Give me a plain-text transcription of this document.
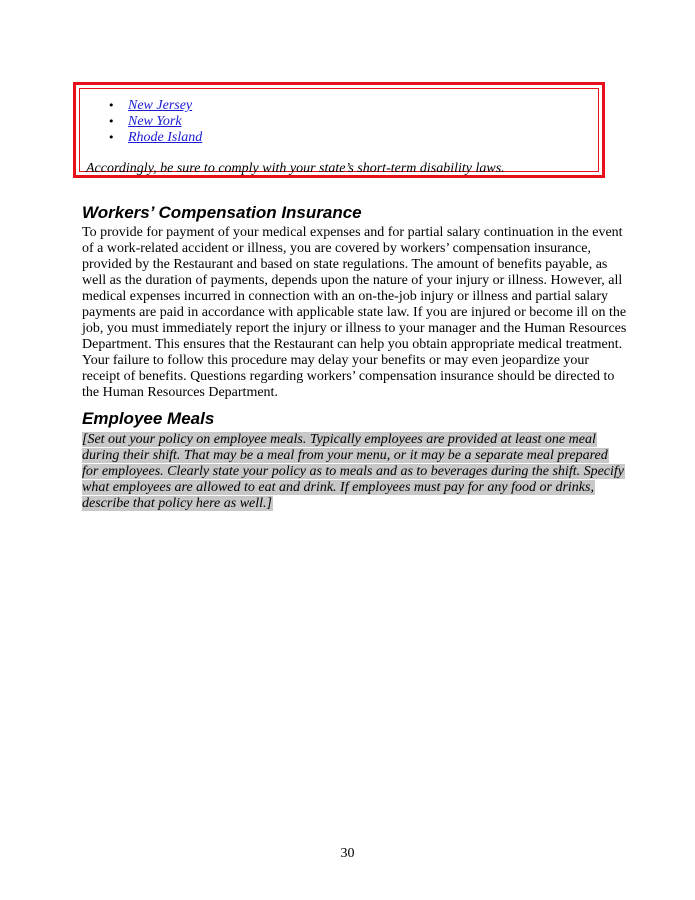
• New Jersey
• New York
• Rhode Island
Accordingly, be sure to comply with your state’s short-term disability laws.
Workers’ Compensation Insurance

To provide for payment of your medical expenses and for partial salary continuation in the event
of a work-related accident or illness, you are covered by workers’ compensation insurance,
provided by the Restaurant and based on state regulations. The amount of benefits payable, as
well as the duration of payments, depends upon the nature of your injury or illness. However, all
medical expenses incurred in connection with an on-the-job injury or illness and partial salary
payments are paid in accordance with applicable state law. If you are injured or become ill on the
job, you must immediately report the injury or illness to your manager and the Human Resources
Department. This ensures that the Restaurant can help you obtain appropriate medical treatment.
Your failure to follow this procedure may delay your benefits or may even jeopardize your
receipt of benefits. Questions regarding workers’ compensation insurance should be directed to
the Human Resources Department.

Employee Meals

[Set out your policy on employee meals. Typically employees are provided at least one meal
during their shift. That may be a meal from your menu, or it may be a separate meal prepared
for employees. Clearly state your policy as to meals and as to beverages during the shift. Specify
what employees are allowed to eat and drink. If employees must pay for any food or drinks,
describe that policy here as well.]

30
